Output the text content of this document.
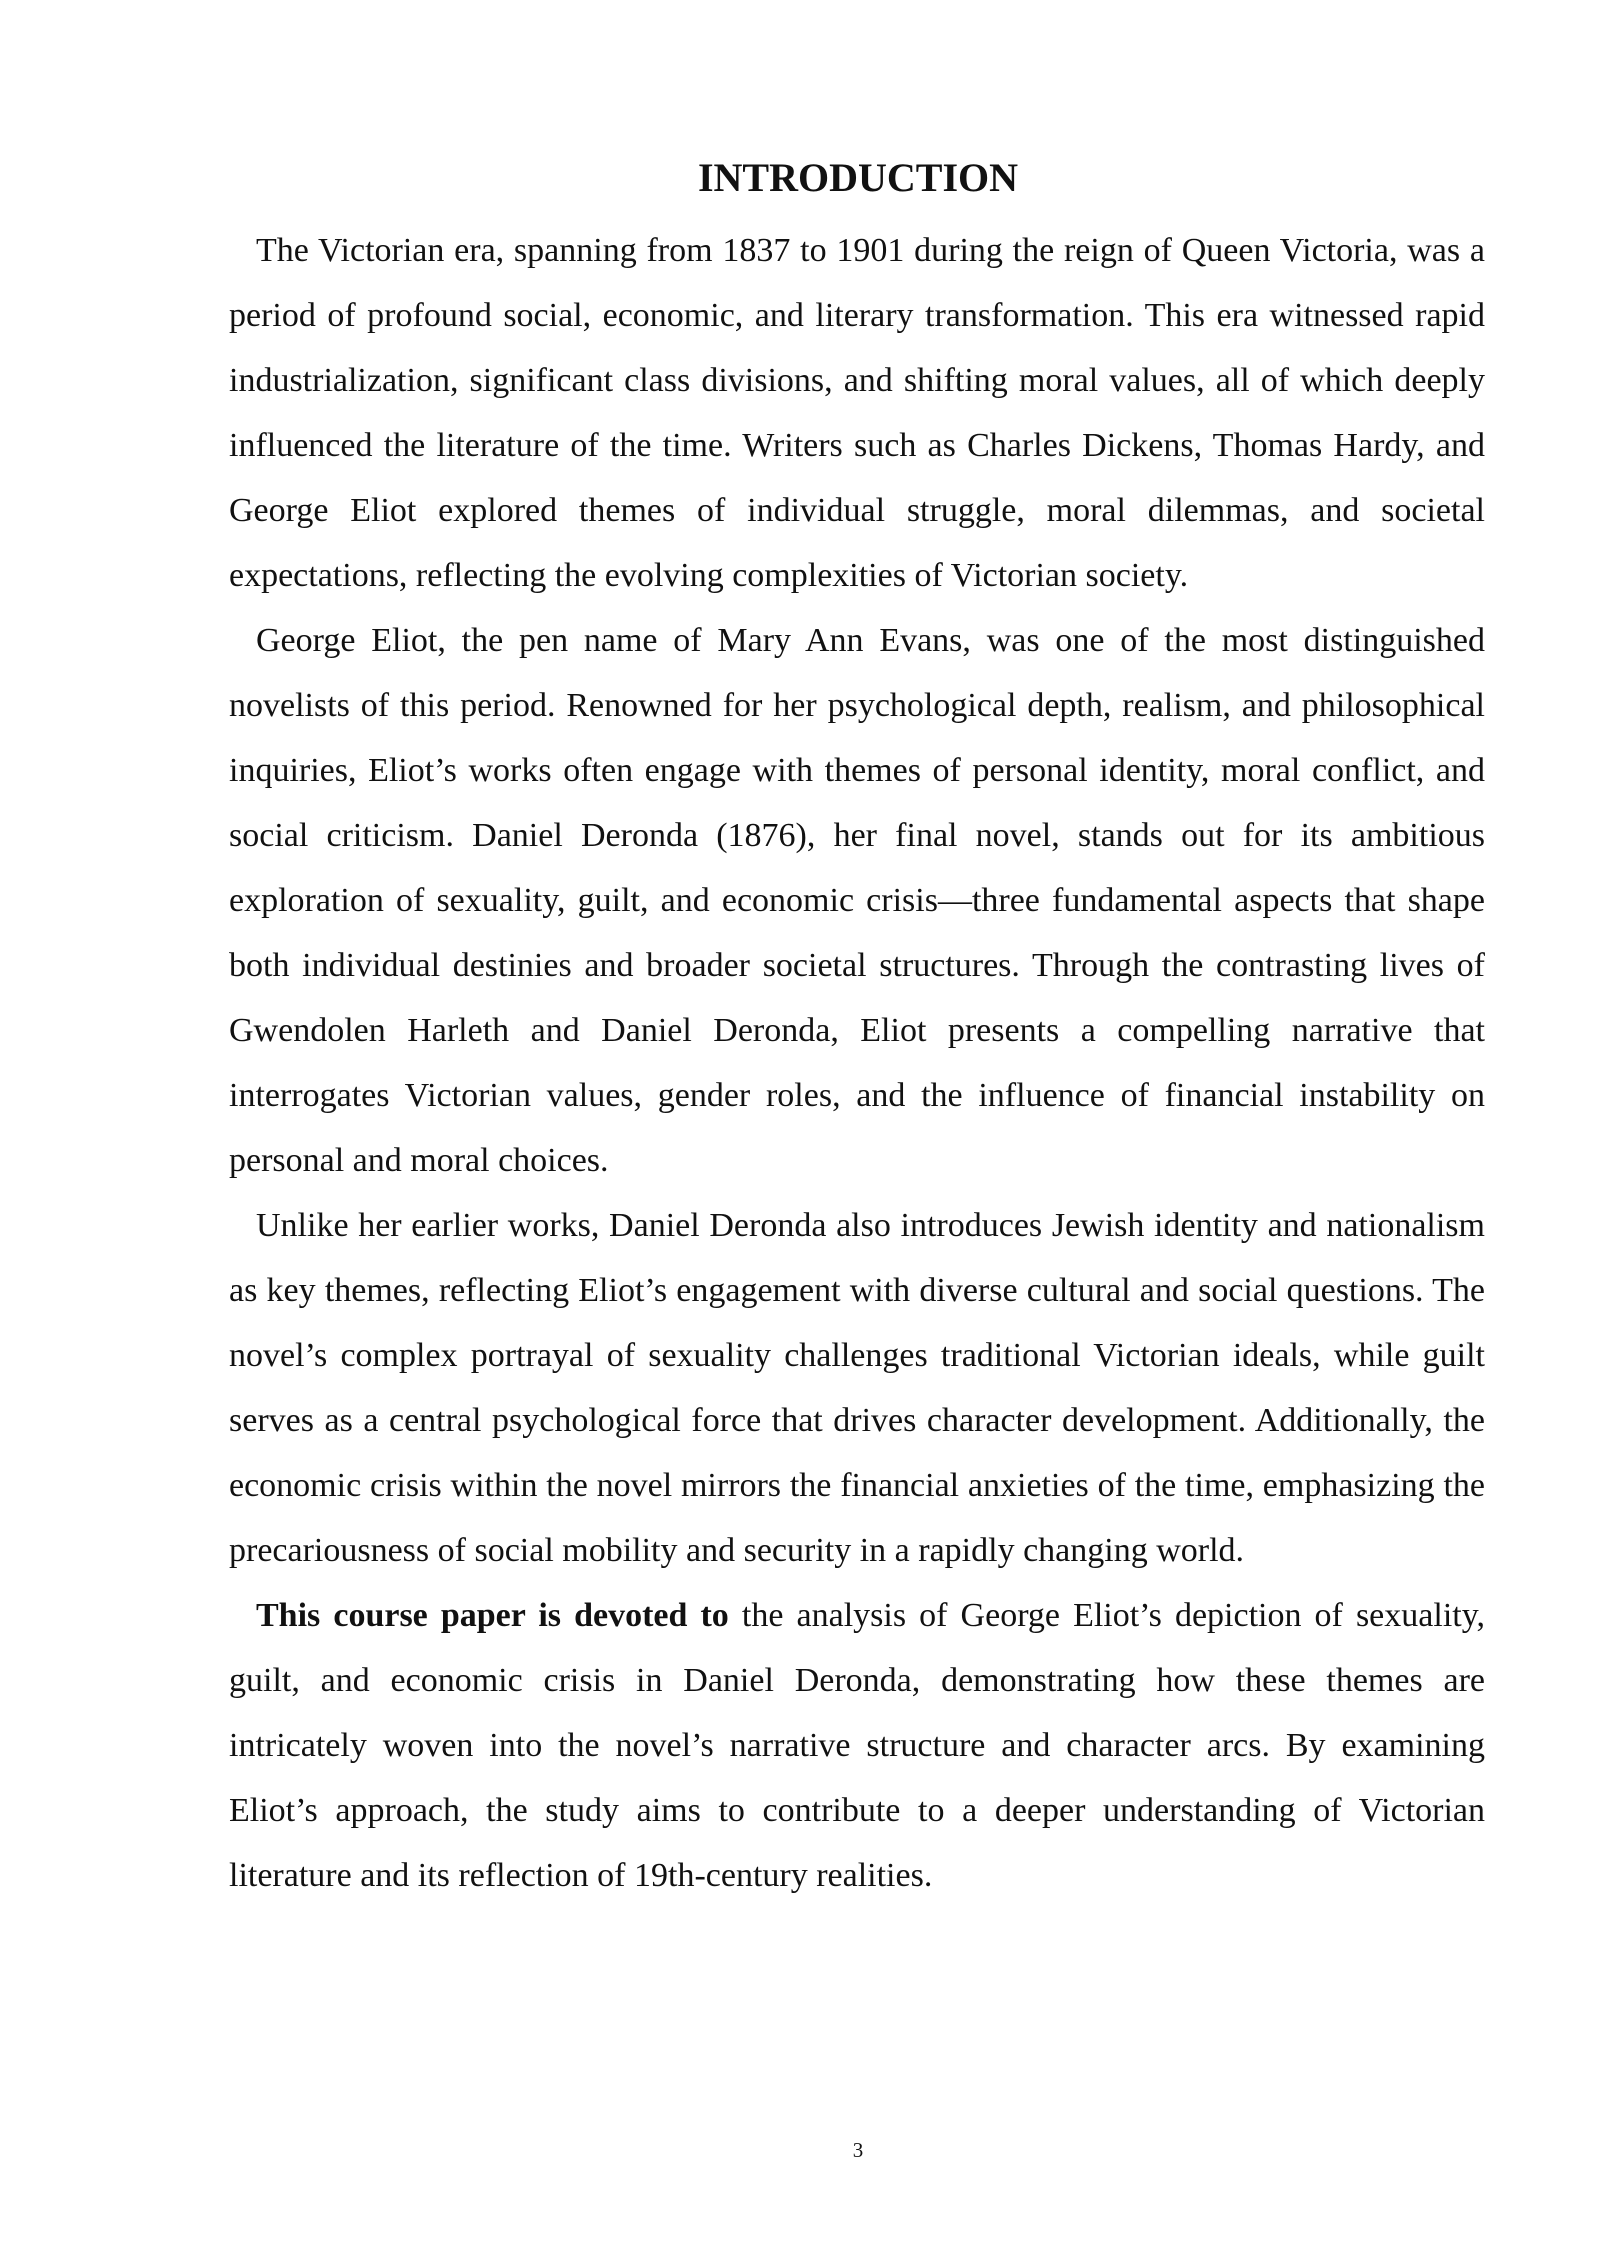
INTRODUCTION

The Victorian era, spanning from 1837 to 1901 during the reign of Queen Victoria, was a period of profound social, economic, and literary transformation. This era witnessed rapid industrialization, significant class divisions, and shifting moral values, all of which deeply influenced the literature of the time. Writers such as Charles Dickens, Thomas Hardy, and George Eliot explored themes of individual struggle, moral dilemmas, and societal expectations, reflecting the evolving complexities of Victorian society.

George Eliot, the pen name of Mary Ann Evans, was one of the most distinguished novelists of this period. Renowned for her psychological depth, realism, and philosophical inquiries, Eliot’s works often engage with themes of personal identity, moral conflict, and social criticism. Daniel Deronda (1876), her final novel, stands out for its ambitious exploration of sexuality, guilt, and economic crisis—three fundamental aspects that shape both individual destinies and broader societal structures. Through the contrasting lives of Gwendolen Harleth and Daniel Deronda, Eliot presents a compelling narrative that interrogates Victorian values, gender roles, and the influence of financial instability on personal and moral choices.

Unlike her earlier works, Daniel Deronda also introduces Jewish identity and nationalism as key themes, reflecting Eliot’s engagement with diverse cultural and social questions. The novel’s complex portrayal of sexuality challenges traditional Victorian ideals, while guilt serves as a central psychological force that drives character development. Additionally, the economic crisis within the novel mirrors the financial anxieties of the time, emphasizing the precariousness of social mobility and security in a rapidly changing world.

This course paper is devoted to the analysis of George Eliot’s depiction of sexuality, guilt, and economic crisis in Daniel Deronda, demonstrating how these themes are intricately woven into the novel’s narrative structure and character arcs. By examining Eliot’s approach, the study aims to contribute to a deeper understanding of Victorian literature and its reflection of 19th-century realities.

3
